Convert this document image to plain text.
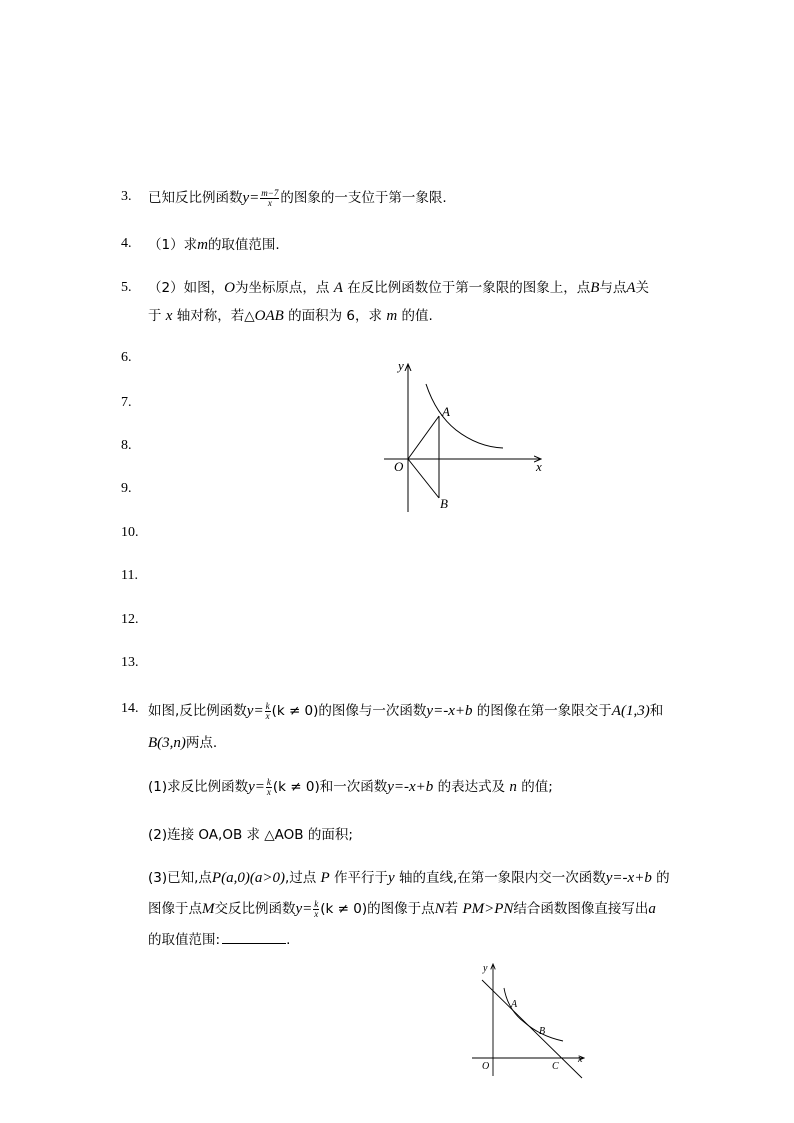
3.
4.
5.
6.
7.
8.
9.
10.
11.
12.
13.
14.
已知反比例函数$y= \frac{m-7}{x}$ 的图象的一支位于第一象限.
（1）求m的取值范围.
（2）如图，O为坐标原点，点 A 在反比例函数位于第一象限的图象上，点B与点A关
于 x 轴对称，若△OAB 的面积为 6，求 m 的值.
y
x
O
A
B
如图,反比例函数$y= \frac{k}{x} (k \ne 0)$的图像与一次函数y=-x+b 的图像在第一象限交于A(1,3)和
B(3,n)两点.
(1)求反比例函数$y= \frac{k}{x} (k \ne 0)$和一次函数y=-x+b 的表达式及 n 的值;
(2)连接 OA,OB 求 △AOB 的面积;
(3)已知,点P(a,0)(a>0),过点 P 作平行于y 轴的直线,在第一象限内交一次函数y=-x+b 的
图像于点M交反比例函数$y= \frac{k}{x} (k \ne 0)$的图像于点N若 PM>PN结合函数图像直接写出a
的取值范围:	.
y
x
O
A
B
C
